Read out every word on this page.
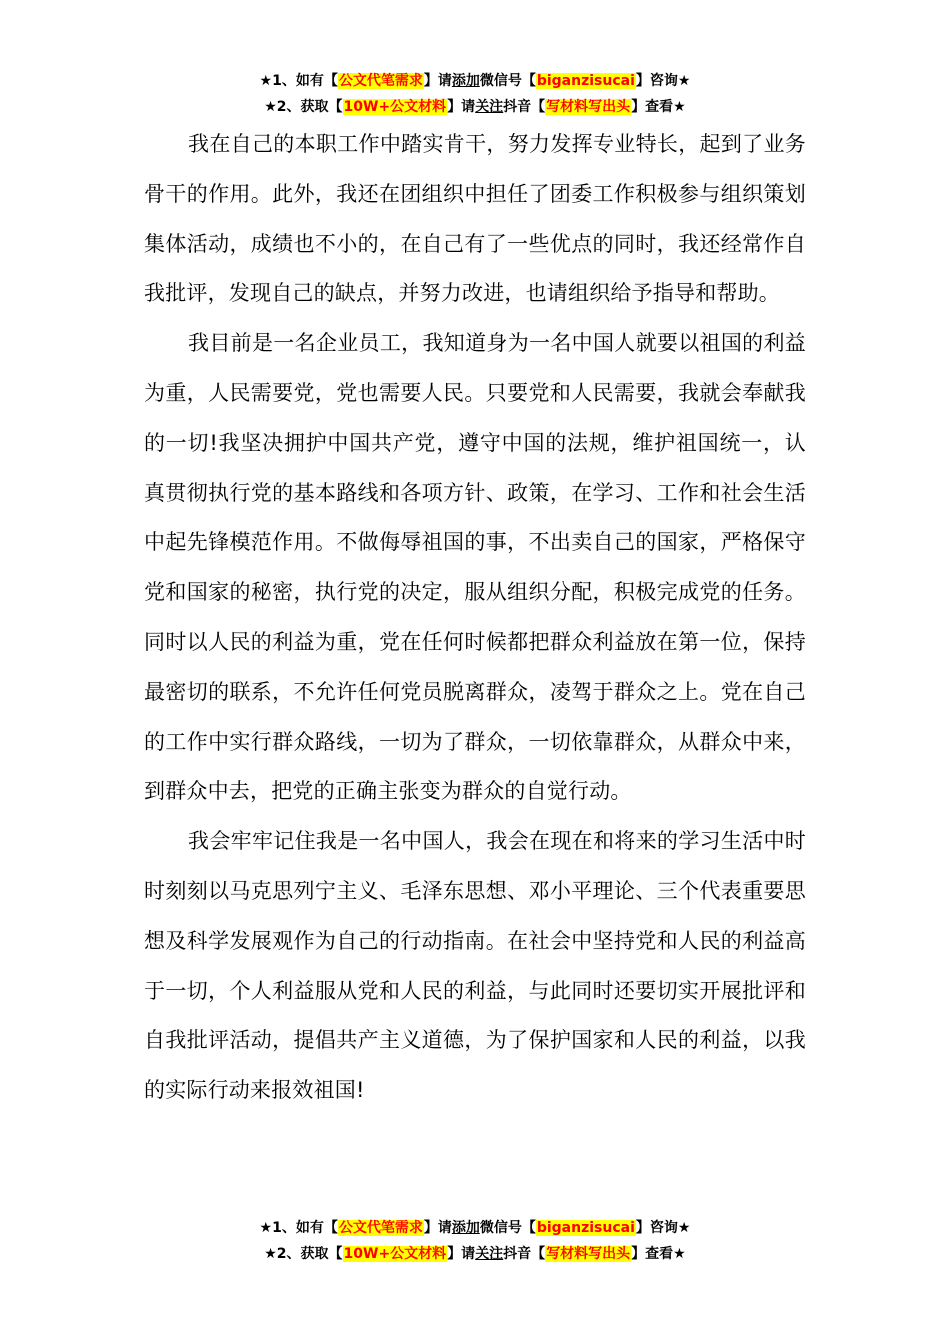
★1、如有【公文代笔需求】请添加微信号【biganzisucai】咨询★
★2、获取【10W+公文材料】请关注抖音【写材料写出头】查看★

我在自己的本职工作中踏实肯干，努力发挥专业特长，起到了业务骨干的作用。此外，我还在团组织中担任了团委工作积极参与组织策划集体活动，成绩也不小的，在自己有了一些优点的同时，我还经常作自我批评，发现自己的缺点，并努力改进，也请组织给予指导和帮助。

我目前是一名企业员工，我知道身为一名中国人就要以祖国的利益为重，人民需要党，党也需要人民。只要党和人民需要，我就会奉献我的一切!我坚决拥护中国共产党，遵守中国的法规，维护祖国统一，认真贯彻执行党的基本路线和各项方针、政策，在学习、工作和社会生活中起先锋模范作用。不做侮辱祖国的事，不出卖自己的国家，严格保守党和国家的秘密，执行党的决定，服从组织分配，积极完成党的任务。同时以人民的利益为重，党在任何时候都把群众利益放在第一位，保持最密切的联系，不允许任何党员脱离群众，凌驾于群众之上。党在自己的工作中实行群众路线，一切为了群众，一切依靠群众，从群众中来，到群众中去，把党的正确主张变为群众的自觉行动。

我会牢牢记住我是一名中国人，我会在现在和将来的学习生活中时时刻刻以马克思列宁主义、毛泽东思想、邓小平理论、三个代表重要思想及科学发展观作为自己的行动指南。在社会中坚持党和人民的利益高于一切，个人利益服从党和人民的利益，与此同时还要切实开展批评和自我批评活动，提倡共产主义道德，为了保护国家和人民的利益，以我的实际行动来报效祖国!

★1、如有【公文代笔需求】请添加微信号【biganzisucai】咨询★
★2、获取【10W+公文材料】请关注抖音【写材料写出头】查看★
